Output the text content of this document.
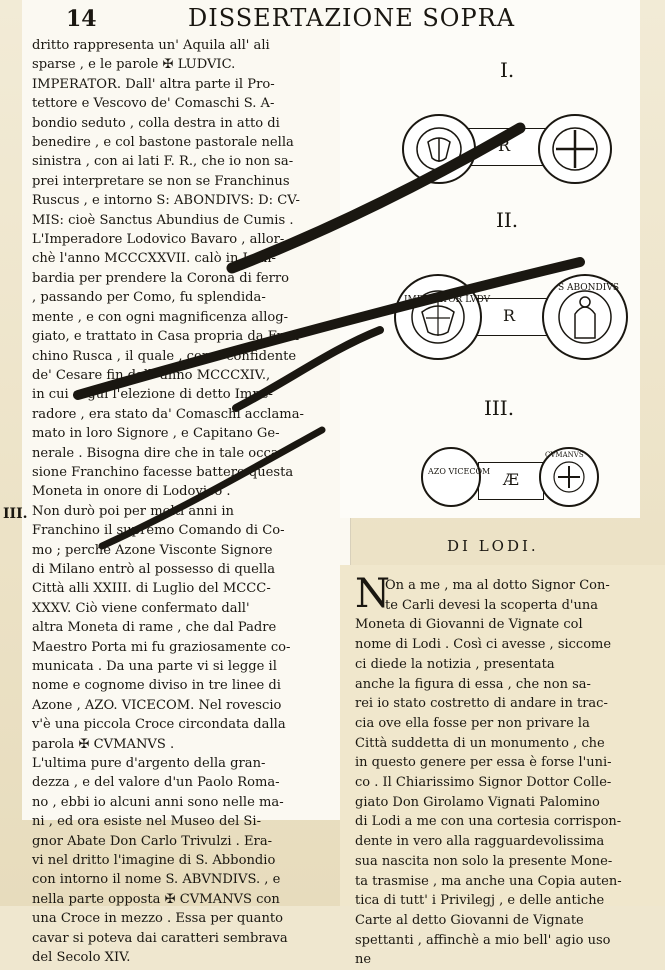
14	DISSERTAZIONE SOPRA
dritto rappresenta un' Aquila all' ali
sparse , e le parole ✠ LUDVIC.
IMPERATOR. Dall' altra parte il Pro-
tettore e Vescovo de' Comaschi S. A-
bondio seduto , colla destra in atto di
benedire , e col bastone pastorale nella
sinistra , con ai lati F. R., che io non sa-
prei interpretare se non se Franchinus
Ruscus , e intorno S: ABONDIVS: D: CV-
MIS: cioè Sanctus Abundius de Cumis .
L'Imperadore Lodovico Bavaro , allor-
chè l'anno MCCCXXVII. calò in Lom-
bardia per prendere la Corona di ferro
, passando per Como, fu splendida-
mente , e con ogni magnificenza allog-
giato, e trattato in Casa propria da Fran-
chino Rusca , il quale , come confidente
de' Cesare fin dall' anno MCCCXIV.,
in cui seguì l'elezione di detto Impe-
radore , era stato da' Comaschi acclama-
mato in loro Signore , e Capitano Ge-
nerale . Bisogna dire che in tale occa-
sione Franchino facesse battere questa
Moneta in onore di Lodovico .
Non durò poi per molti anni in
Franchino il supremo Comando di Co-
mo ; perchè Azone Visconte Signore
di Milano entrò al possesso di quella
Città alli XXIII. di Luglio del MCCC-
XXXV. Ciò viene confermato dall'
altra Moneta di rame , che dal Padre
Maestro Porta mi fu graziosamente co-
municata . Da una parte vi si legge il
nome e cognome diviso in tre linee di
Azone , AZO. VICECOM. Nel rovescio
v'è una piccola Croce circondata dalla
parola ✠ CVMANVS .
L'ultima pure d'argento della gran-
dezza , e del valore d'un Paolo Roma-
no , ebbi io alcuni anni sono nelle ma-
ni , ed ora esiste nel Museo del Si-
gnor Abate Don Carlo Trivulzi . Era-
vi nel dritto l'imagine di S. Abbondio
con intorno il nome S. ABVNDIVS. , e
nella parte opposta ✠ CVMANVS con
una Croce in mezzo . Essa per quanto
cavar si poteva dai caratteri sembrava
del Secolo XIV.
III.
I.
II.
III.
R
R
IMPERATOR LVDV
S ABONDIVS
Æ
AZO VICECOM
CVMANVS
DI LODI.
N
On a me , ma al dotto Signor Con-
te Carli devesi la scoperta d'una
Moneta di Giovanni de Vignate col
nome di Lodi . Così ci avesse , siccome
ci diede la notizia , presentata
anche la figura di essa , che non sa-
rei io stato costretto di andare in trac-
cia ove ella fosse per non privare la
Città suddetta di un monumento , che
in questo genere per essa è forse l'uni-
co . Il Chiarissimo Signor Dottor Colle-
giato Don Girolamo Vignati Palomino
di Lodi a me con una cortesia corrispon-
dente in vero alla ragguardevolissima
sua nascita non solo la presente Mone-
ta trasmise , ma anche una Copia auten-
tica di tutt' i Privilegj , e delle antiche
Carte al detto Giovanni de Vignate
spettanti , affinchè a mio bell' agio uso
ne
